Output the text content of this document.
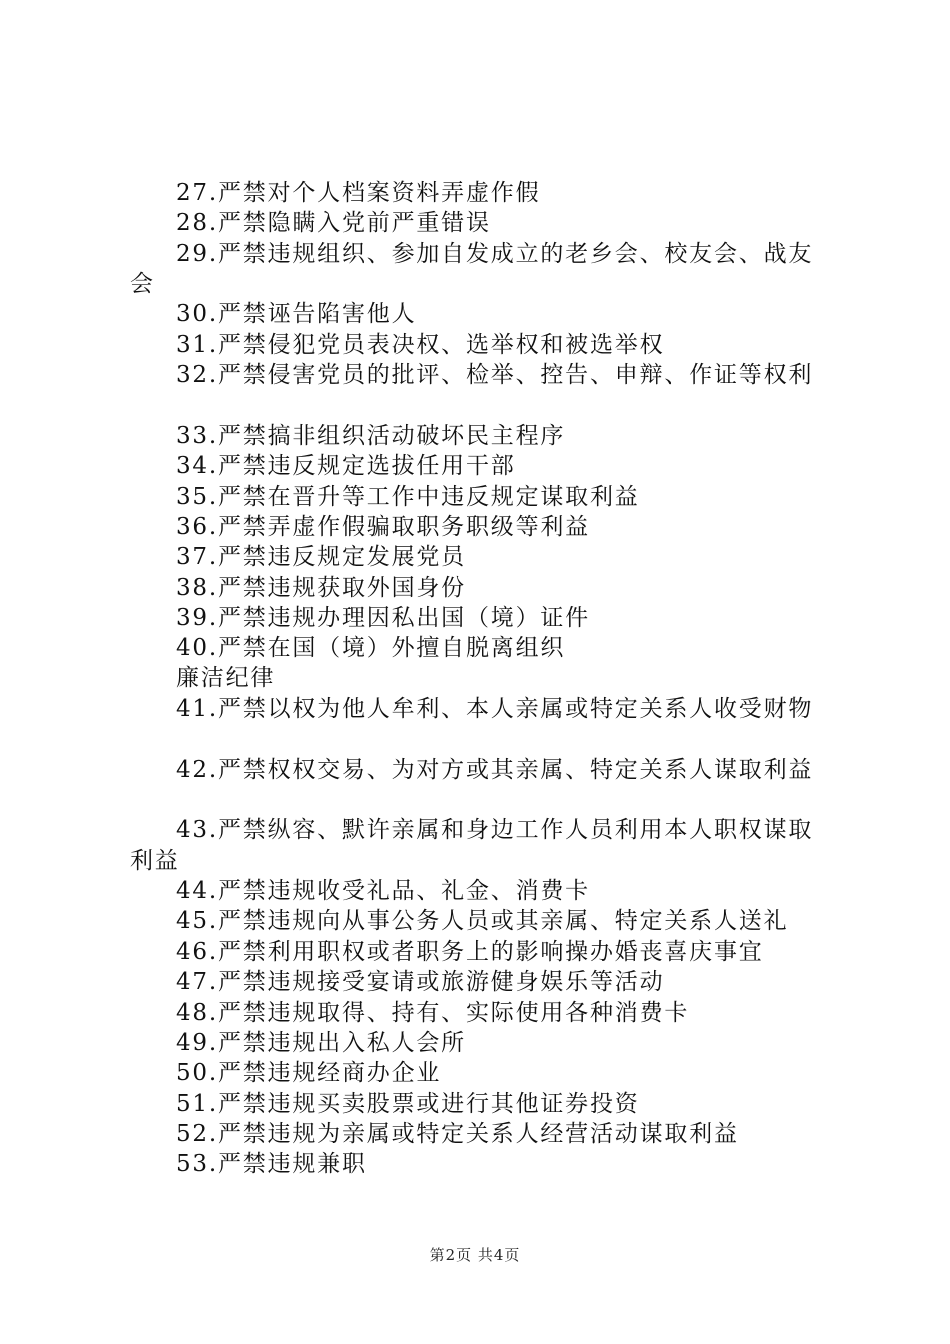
27.严禁对个人档案资料弄虚作假
28.严禁隐瞒入党前严重错误
29.严禁违规组织、参加自发成立的老乡会、校友会、战友
会
30.严禁诬告陷害他人
31.严禁侵犯党员表决权、选举权和被选举权
32.严禁侵害党员的批评、检举、控告、申辩、作证等权利
33.严禁搞非组织活动破坏民主程序
34.严禁违反规定选拔任用干部
35.严禁在晋升等工作中违反规定谋取利益
36.严禁弄虚作假骗取职务职级等利益
37.严禁违反规定发展党员
38.严禁违规获取外国身份
39.严禁违规办理因私出国（境）证件
40.严禁在国（境）外擅自脱离组织
廉洁纪律
41.严禁以权为他人牟利、本人亲属或特定关系人收受财物
42.严禁权权交易、为对方或其亲属、特定关系人谋取利益
43.严禁纵容、默许亲属和身边工作人员利用本人职权谋取
利益
44.严禁违规收受礼品、礼金、消费卡
45.严禁违规向从事公务人员或其亲属、特定关系人送礼
46.严禁利用职权或者职务上的影响操办婚丧喜庆事宜
47.严禁违规接受宴请或旅游健身娱乐等活动
48.严禁违规取得、持有、实际使用各种消费卡
49.严禁违规出入私人会所
50.严禁违规经商办企业
51.严禁违规买卖股票或进行其他证券投资
52.严禁违规为亲属或特定关系人经营活动谋取利益
53.严禁违规兼职
第2页 共4页
